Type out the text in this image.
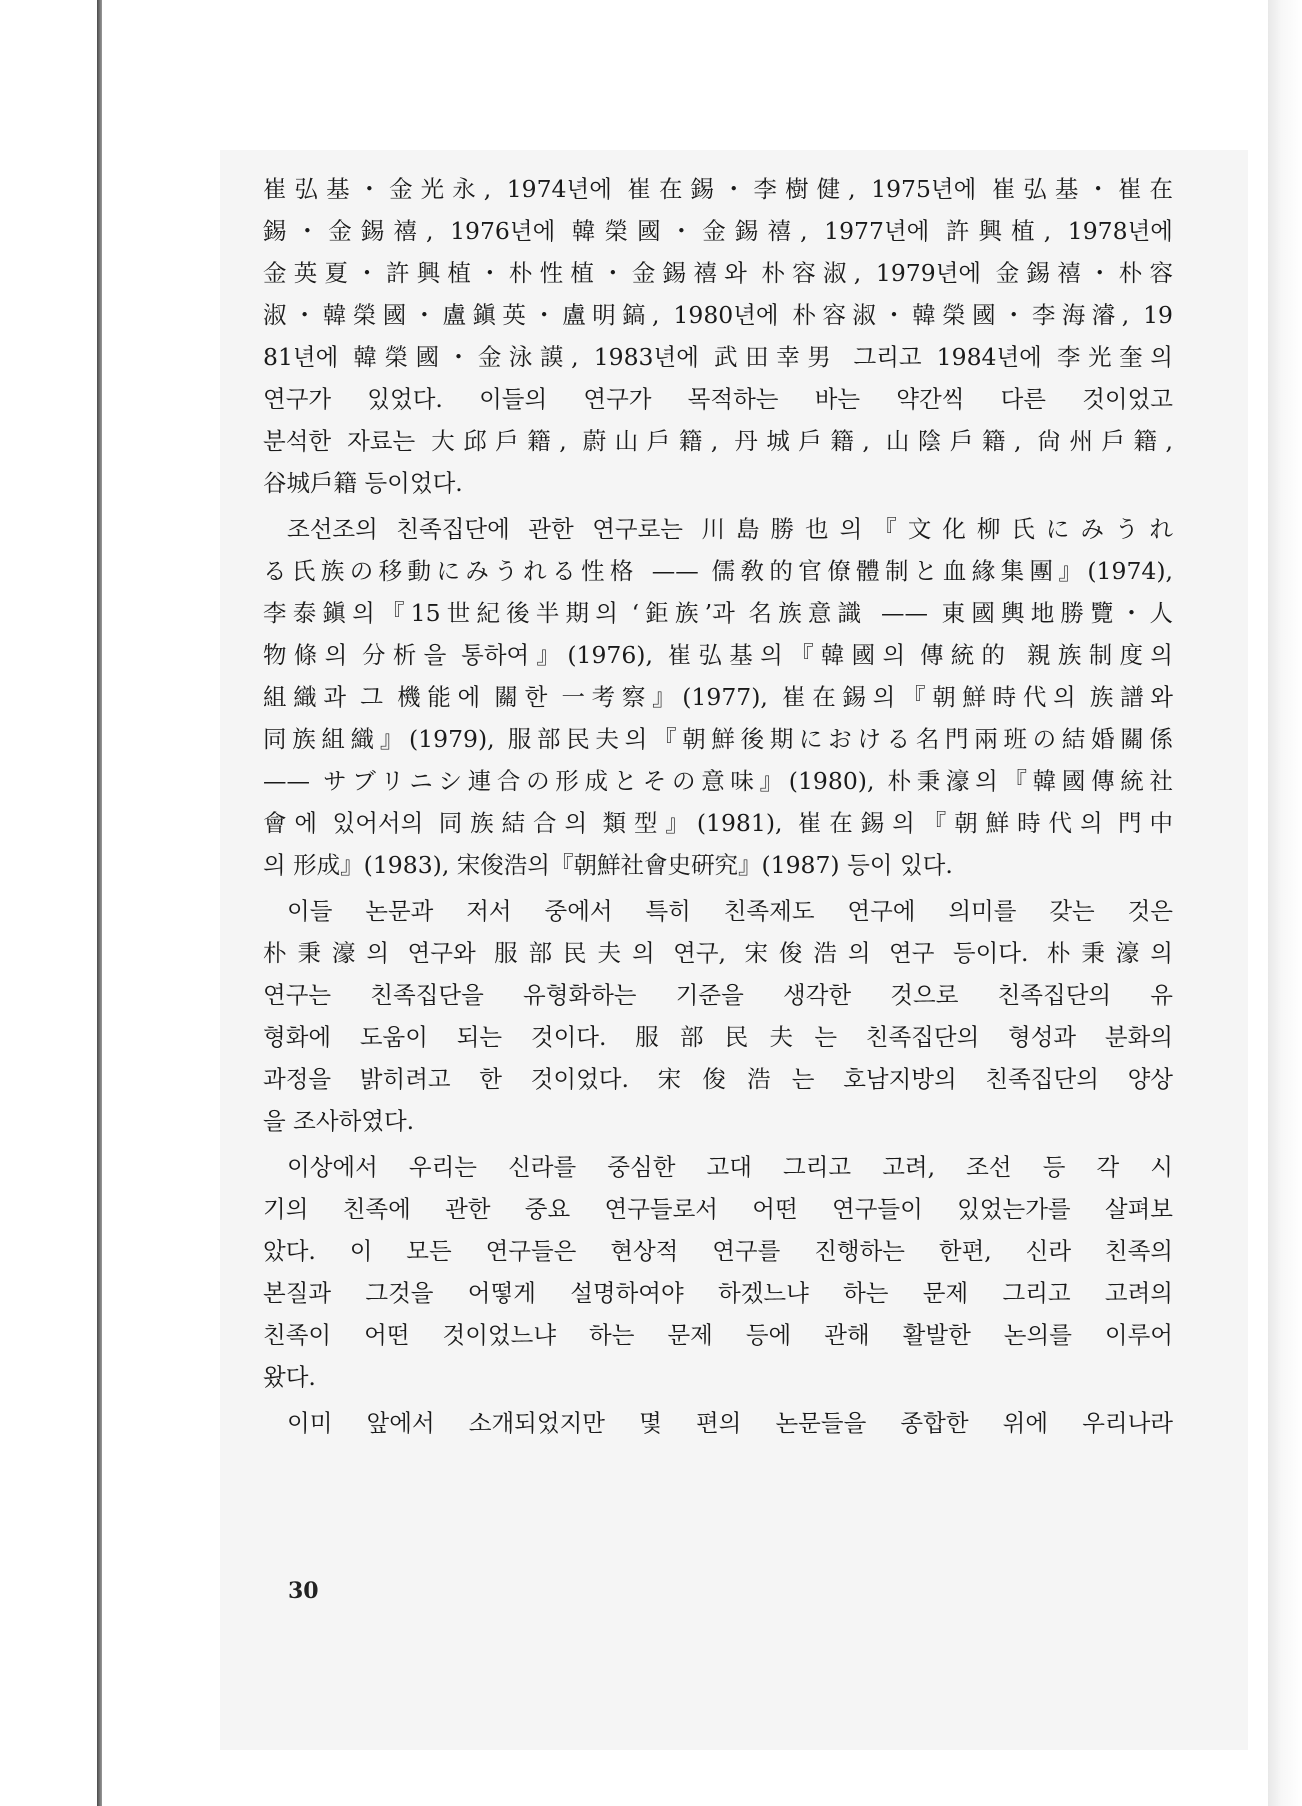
崔弘基・金光永, 1974년에 崔在錫・李樹健, 1975년에 崔弘基・崔在
錫・金錫禧, 1976년에 韓榮國・金錫禧, 1977년에 許興植, 1978년에
金英夏・許興植・朴性植・金錫禧와 朴容淑, 1979년에 金錫禧・朴容
淑・韓榮國・盧鎭英・盧明鎬, 1980년에 朴容淑・韓榮國・李海濬, 19
81년에 韓榮國・金泳謨, 1983년에 武田幸男 그리고 1984년에 李光奎의
연구가 있었다. 이들의 연구가 목적하는 바는 약간씩 다른 것이었고
분석한 자료는 大邱戶籍, 蔚山戶籍, 丹城戶籍, 山陰戶籍, 尙州戶籍,
谷城戶籍 등이었다.
조선조의 친족집단에 관한 연구로는 川島勝也의『文化柳氏にみうれ
る氏族の移動にみうれる性格 —— 儒敎的官僚體制と血緣集團』(1974),
李泰鎭의『15世紀後半期의 ‘鉅族’과 名族意識 —— 東國輿地勝覽・人
物條의 分析을 통하여』(1976), 崔弘基의『韓國의 傳統的 親族制度의
組織과 그 機能에 關한 一考察』(1977), 崔在錫의『朝鮮時代의 族譜와
同族組織』(1979), 服部民夫의『朝鮮後期における名門兩班の結婚關係
—— サブリニシ連合の形成とその意味』(1980), 朴秉濠의『韓國傳統社
會에 있어서의 同族結合의 類型』(1981), 崔在錫의『朝鮮時代의 門中
의 形成』(1983), 宋俊浩의『朝鮮社會史硏究』(1987) 등이 있다.
이들 논문과 저서 중에서 특히 친족제도 연구에 의미를 갖는 것은
朴秉濠의 연구와 服部民夫의 연구, 宋俊浩의 연구 등이다. 朴秉濠의
연구는 친족집단을 유형화하는 기준을 생각한 것으로 친족집단의 유
형화에 도움이 되는 것이다. 服部民夫는 친족집단의 형성과 분화의
과정을 밝히려고 한 것이었다. 宋俊浩는 호남지방의 친족집단의 양상
을 조사하였다.
이상에서 우리는 신라를 중심한 고대 그리고 고려, 조선 등 각 시
기의 친족에 관한 중요 연구들로서 어떤 연구들이 있었는가를 살펴보
았다. 이 모든 연구들은 현상적 연구를 진행하는 한편, 신라 친족의
본질과 그것을 어떻게 설명하여야 하겠느냐 하는 문제 그리고 고려의
친족이 어떤 것이었느냐 하는 문제 등에 관해 활발한 논의를 이루어
왔다.
이미 앞에서 소개되었지만 몇 편의 논문들을 종합한 위에 우리나라
30
